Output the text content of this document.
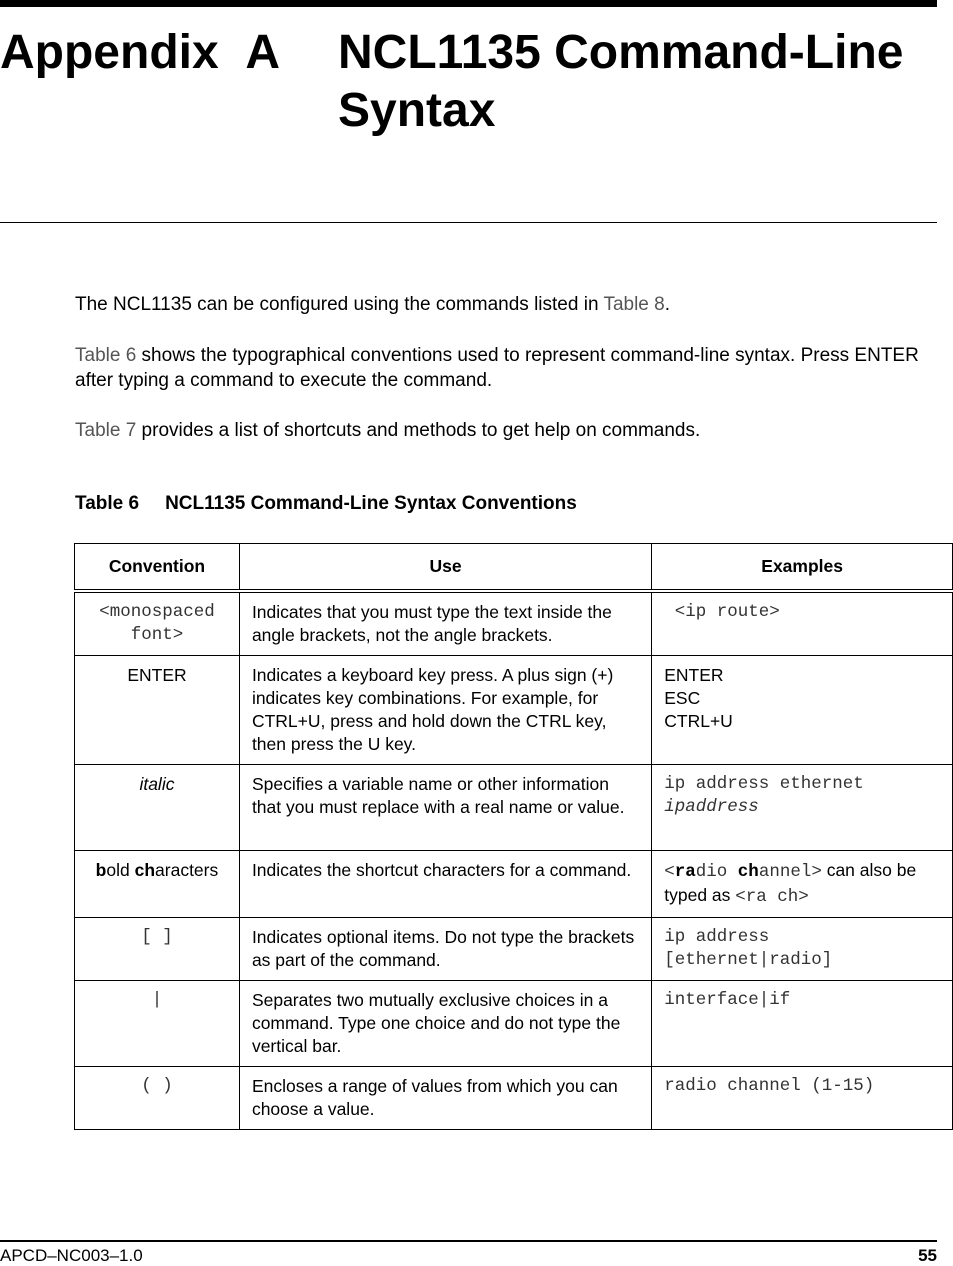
Appendix A NCL1135 Command-Line
Syntax

The NCL1135 can be configured using the commands listed in Table 8.

Table 6 shows the typographical conventions used to represent command-line syntax. Press ENTER after typing a command to execute the command.

Table 7 provides a list of shortcuts and methods to get help on commands.

Table 6 NCL1135 Command-Line Syntax Conventions
Convention	Use	Examples
<monospaced font>	Indicates that you must type the text inside the angle brackets, not the angle brackets.	<ip route>
ENTER	Indicates a keyboard key press. A plus sign (+) indicates key combinations. For example, for CTRL+U, press and hold down the CTRL key, then press the U key.	ENTER
ESC
CTRL+U

italic	Specifies a variable name or other information that you must replace with a real name or value.	ip address ethernet
ipaddress

bold characters	Indicates the shortcut characters for a command.	<radio channel> can also be typed as <ra ch>
[ ]	Indicates optional items. Do not type the brackets as part of the command.	ip address
[ethernet|radio]

|	Separates two mutually exclusive choices in a command. Type one choice and do not type the vertical bar.	interface|if
( )	Encloses a range of values from which you can choose a value.	radio channel (1-15)
APCD–NC003–1.0	55
